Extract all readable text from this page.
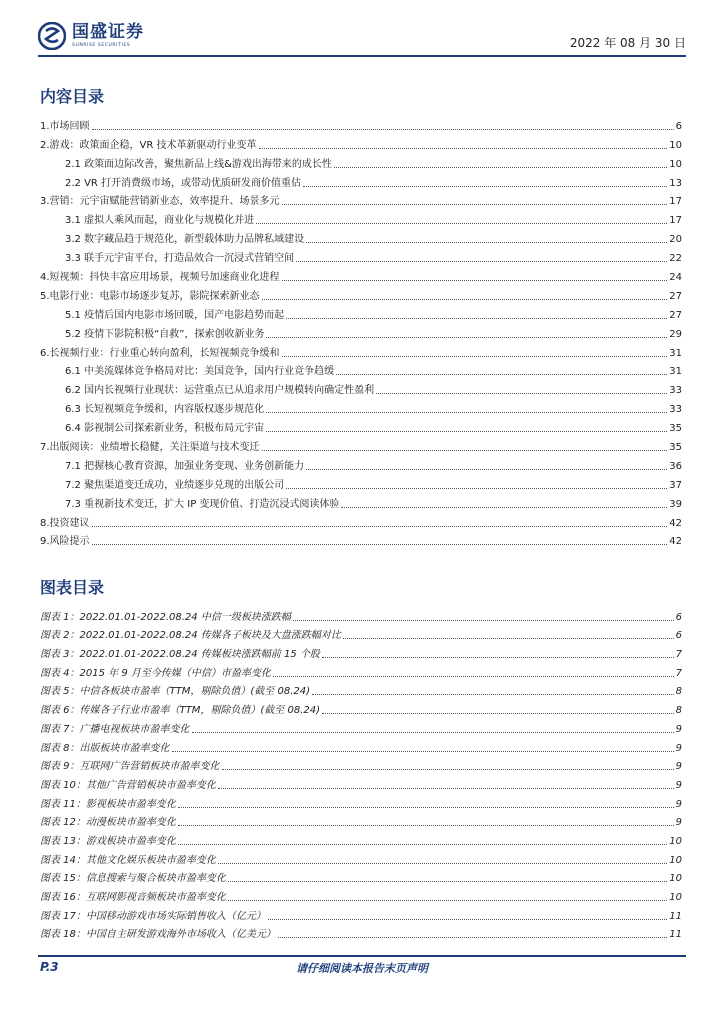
国盛证券
SUNRISE SECURITIES	2022 年 08 月 30 日
内容目录
1.市场回顾	6
2.游戏：政策面企稳，VR 技术革新驱动行业变革	10
2.1 政策面边际改善，聚焦新品上线&游戏出海带来的成长性	10
2.2 VR 打开消费级市场，或带动优质研发商价值重估	13
3.营销：元宇宙赋能营销新业态，效率提升、场景多元	17
3.1 虚拟人乘风而起，商业化与规模化并进	17
3.2 数字藏品趋于规范化，新型载体助力品牌私域建设	20
3.3 联手元宇宙平台，打造品效合一沉浸式营销空间	22
4.短视频：抖快丰富应用场景，视频号加速商业化进程	24
5.电影行业：电影市场逐步复苏，影院探索新业态	27
5.1 疫情后国内电影市场回暖，国产电影趋势而起	27
5.2 疫情下影院积极“自救”，探索创收新业务	29
6.长视频行业：行业重心转向盈利，长短视频竞争缓和	31
6.1 中美流媒体竞争格局对比：美国竞争，国内行业竞争趋缓	31
6.2 国内长视频行业现状：运营重点已从追求用户规模转向确定性盈利	33
6.3 长短视频竞争缓和，内容版权逐步规范化	33
6.4 影视制公司探索新业务，积极布局元宇宙	35
7.出版阅读：业绩增长稳健，关注渠道与技术变迁	35
7.1 把握核心教育资源，加强业务变现、业务创新能力	36
7.2 聚焦渠道变迁成功，业绩逐步兑现的出版公司	37
7.3 重视新技术变迁，扩大 IP 变现价值、打造沉浸式阅读体验	39
8.投资建议	42
9.风险提示	42
图表目录
图表 1：2022.01.01-2022.08.24 中信一级板块涨跌幅	6
图表 2：2022.01.01-2022.08.24 传媒各子板块及大盘涨跌幅对比	6
图表 3：2022.01.01-2022.08.24 传媒板块涨跌幅前 15 个股	7
图表 4：2015 年 9 月至今传媒（中信）市盈率变化	7
图表 5：中信各板块市盈率（TTM，剔除负值）(截至 08.24)	8
图表 6：传媒各子行业市盈率（TTM，剔除负值）(截至 08.24)	8
图表 7：广播电视板块市盈率变化	9
图表 8：出版板块市盈率变化	9
图表 9：互联网广告营销板块市盈率变化	9
图表 10：其他广告营销板块市盈率变化	9
图表 11：影视板块市盈率变化	9
图表 12：动漫板块市盈率变化	9
图表 13：游戏板块市盈率变化	10
图表 14：其他文化娱乐板块市盈率变化	10
图表 15：信息搜索与聚合板块市盈率变化	10
图表 16：互联网影视音频板块市盈率变化	10
图表 17：中国移动游戏市场实际销售收入（亿元）	11
图表 18：中国自主研发游戏海外市场收入（亿美元）	11
P.3	请仔细阅读本报告末页声明
